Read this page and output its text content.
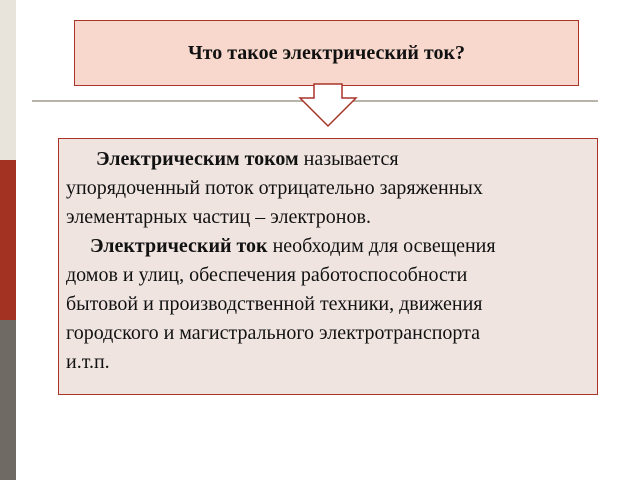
Что такое электрический ток?

Электрическим током называется
упорядоченный поток отрицательно заряженных
элементарных частиц – электронов.

Электрический ток необходим для освещения
домов и улиц, обеспечения работоспособности
бытовой и производственной техники, движения
городского и магистрального электротранспорта
и.т.п.
